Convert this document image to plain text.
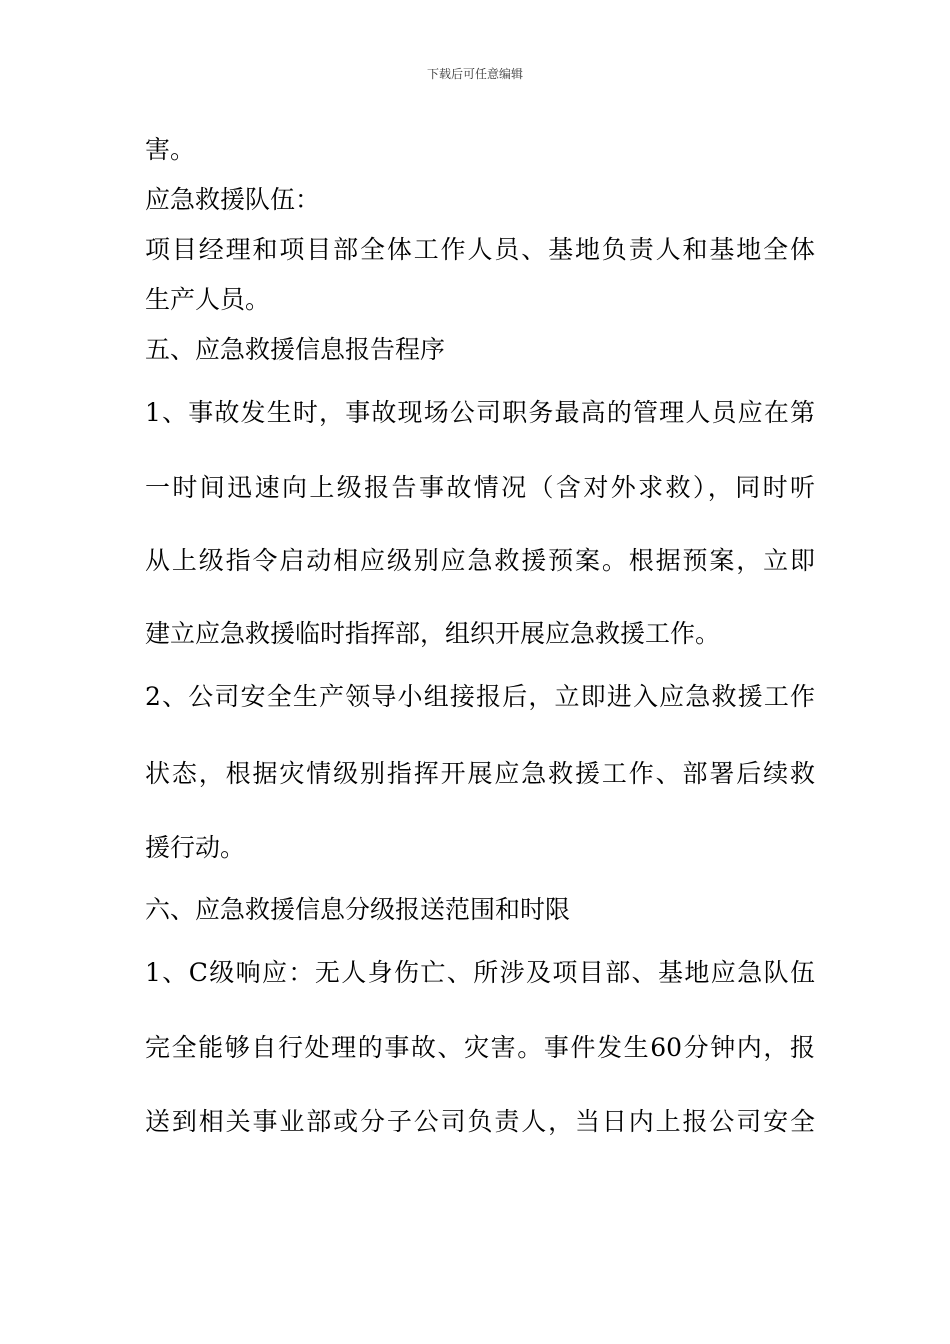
下载后可任意编辑
害。
应急救援队伍：
项目经理和项目部全体工作人员、基地负责人和基地全体
生产人员。
五、应急救援信息报告程序
1、事故发生时，事故现场公司职务最高的管理人员应在第
一时间迅速向上级报告事故情况（含对外求救），同时听
从上级指令启动相应级别应急救援预案。根据预案，立即
建立应急救援临时指挥部，组织开展应急救援工作。
2、公司安全生产领导小组接报后，立即进入应急救援工作
状态，根据灾情级别指挥开展应急救援工作、部署后续救
援行动。
六、应急救援信息分级报送范围和时限
1、C级响应：无人身伤亡、所涉及项目部、基地应急队伍
完全能够自行处理的事故、灾害。事件发生60分钟内，报
送到相关事业部或分子公司负责人，当日内上报公司安全
